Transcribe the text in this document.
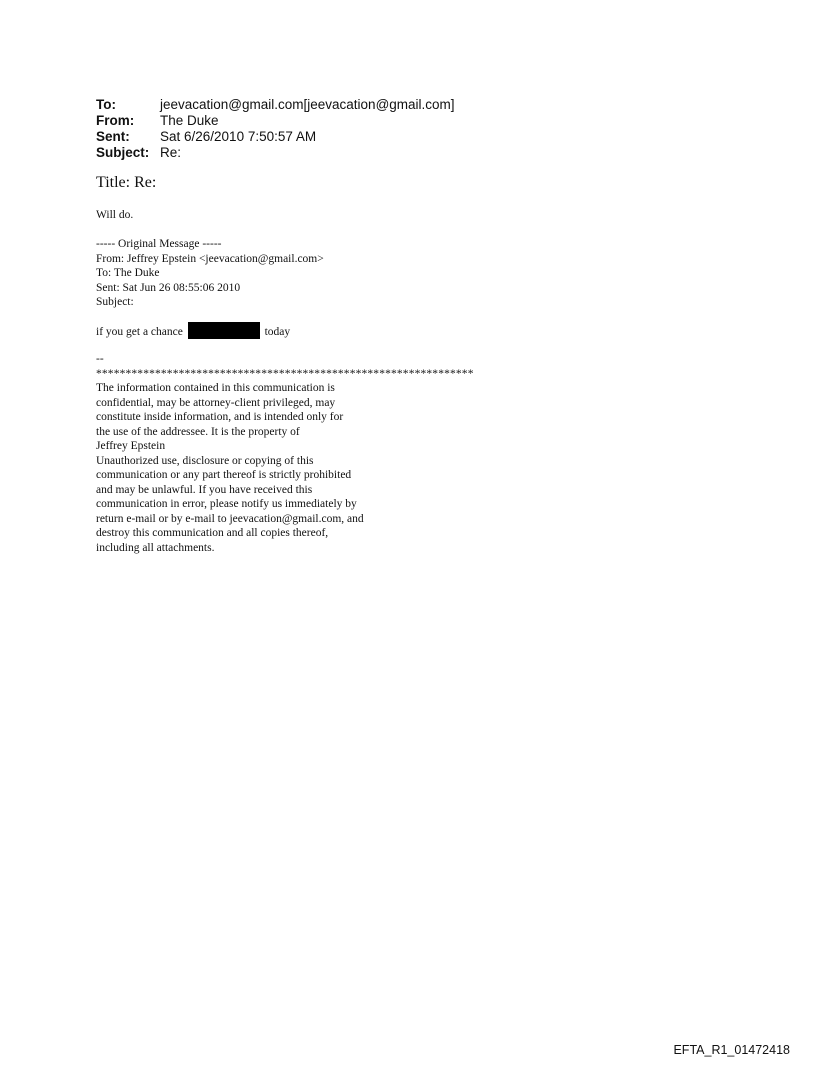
To:	jeevacation@gmail.com[jeevacation@gmail.com]
From:	The Duke
Sent:	Sat 6/26/2010 7:50:57 AM
Subject: Re:
Title: Re:
Will do.
----- Original Message -----
From: Jeffrey Epstein <jeevacation@gmail.com>
To: The Duke
Sent: Sat Jun 26 08:55:06 2010
Subject:
if you get a chance	today
--
****************************************************************
The information contained in this communication is
confidential, may be attorney-client privileged, may
constitute inside information, and is intended only for
the use of the addressee. It is the property of
Jeffrey Epstein
Unauthorized use, disclosure or copying of this
communication or any part thereof is strictly prohibited
and may be unlawful. If you have received this
communication in error, please notify us immediately by
return e-mail or by e-mail to jeevacation@gmail.com, and
destroy this communication and all copies thereof,
including all attachments.
EFTA_R1_01472418
